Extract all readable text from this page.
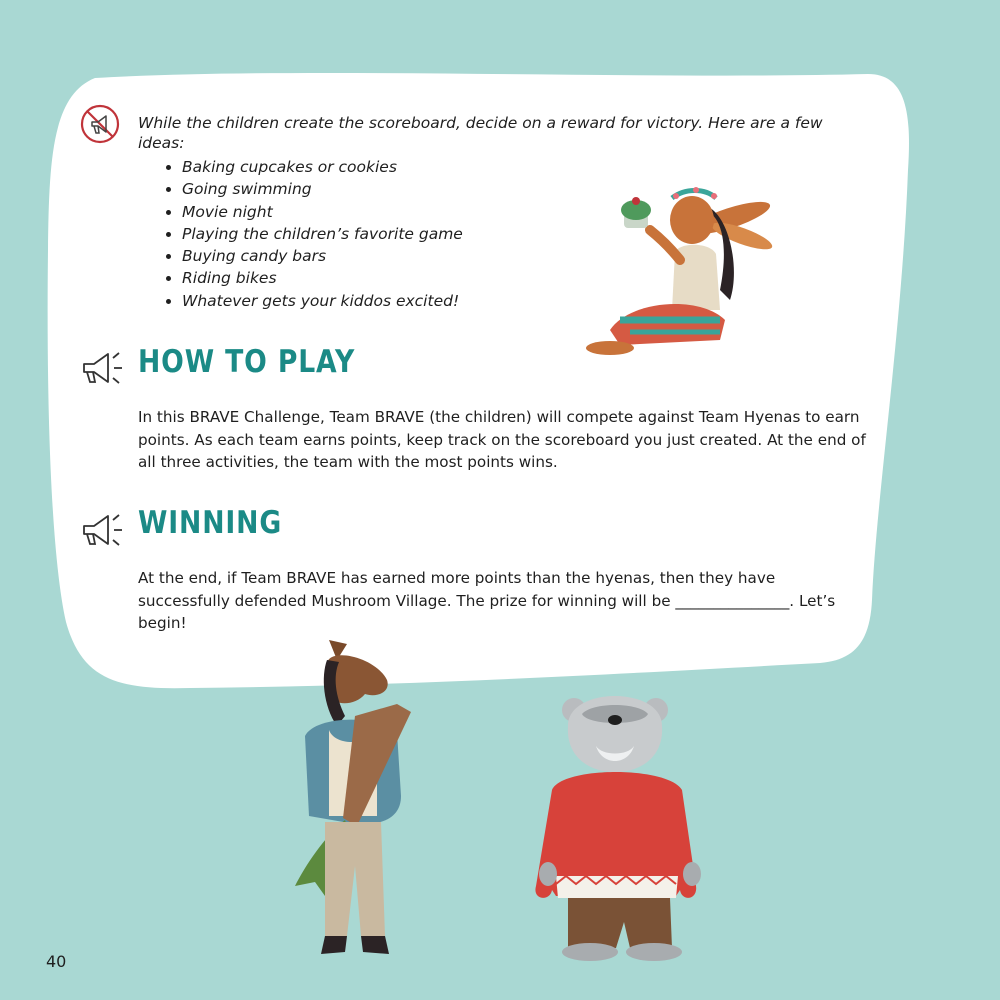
While the children create the scoreboard, decide on a reward for victory. Here are a few ideas:

Baking cupcakes or cookies
Going swimming
Movie night
Playing the children’s favorite game
Buying candy bars
Riding bikes
Whatever gets your kiddos excited!
HOW TO PLAY

In this BRAVE Challenge, Team BRAVE (the children) will compete against Team Hyenas to earn points. As each team earns points, keep track on the scoreboard you just created. At the end of all three activities, the team with the most points wins.

WINNING

At the end, if Team BRAVE has earned more points than the hyenas, then they have successfully defended Mushroom Village. The prize for winning will be _______________. Let’s begin!

40
